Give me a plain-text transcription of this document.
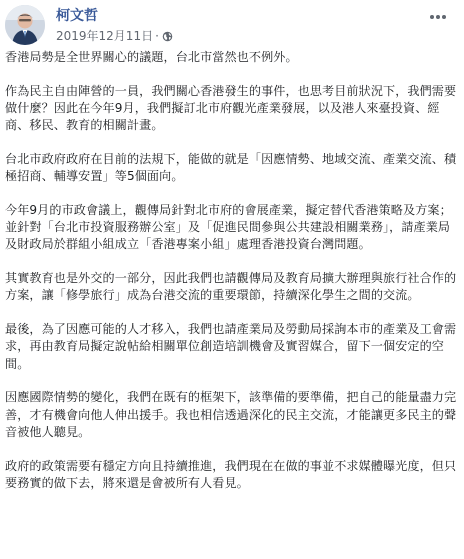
柯文哲
2019年12月11日 ·

香港局勢是全世界關心的議題，台北市當然也不例外。

作為民主自由陣營的一員，我們關心香港發生的事件，也思考目前狀況下，我們需要做什麼？因此在今年9月，我們擬訂北市府觀光產業發展，以及港人來臺投資、經商、移民、教育的相關計畫。

台北市政府政府在目前的法規下，能做的就是「因應情勢、地域交流、產業交流、積極招商、輔導安置」等5個面向。

今年9月的市政會議上，觀傳局針對北市府的會展產業，擬定替代香港策略及方案；並針對「台北市投資服務辦公室」及「促進民間參與公共建設相關業務」，請產業局及財政局於群組小組成立「香港專案小組」處理香港投資台灣問題。

其實教育也是外交的一部分，因此我們也請觀傳局及教育局擴大辦理與旅行社合作的方案，讓「修學旅行」成為台港交流的重要環節，持續深化學生之間的交流。

最後，為了因應可能的人才移入，我們也請產業局及勞動局採詢本市的產業及工會需求，再由教育局擬定說帖給相關單位創造培訓機會及實習媒合，留下一個安定的空間。

因應國際情勢的變化，我們在既有的框架下，該準備的要準備，把自己的能量盡力完善，才有機會向他人伸出援手。我也相信透過深化的民主交流，才能讓更多民主的聲音被他人聽見。

政府的政策需要有穩定方向且持續推進，我們現在在做的事並不求媒體曝光度，但只要務實的做下去，將來還是會被所有人看見。
